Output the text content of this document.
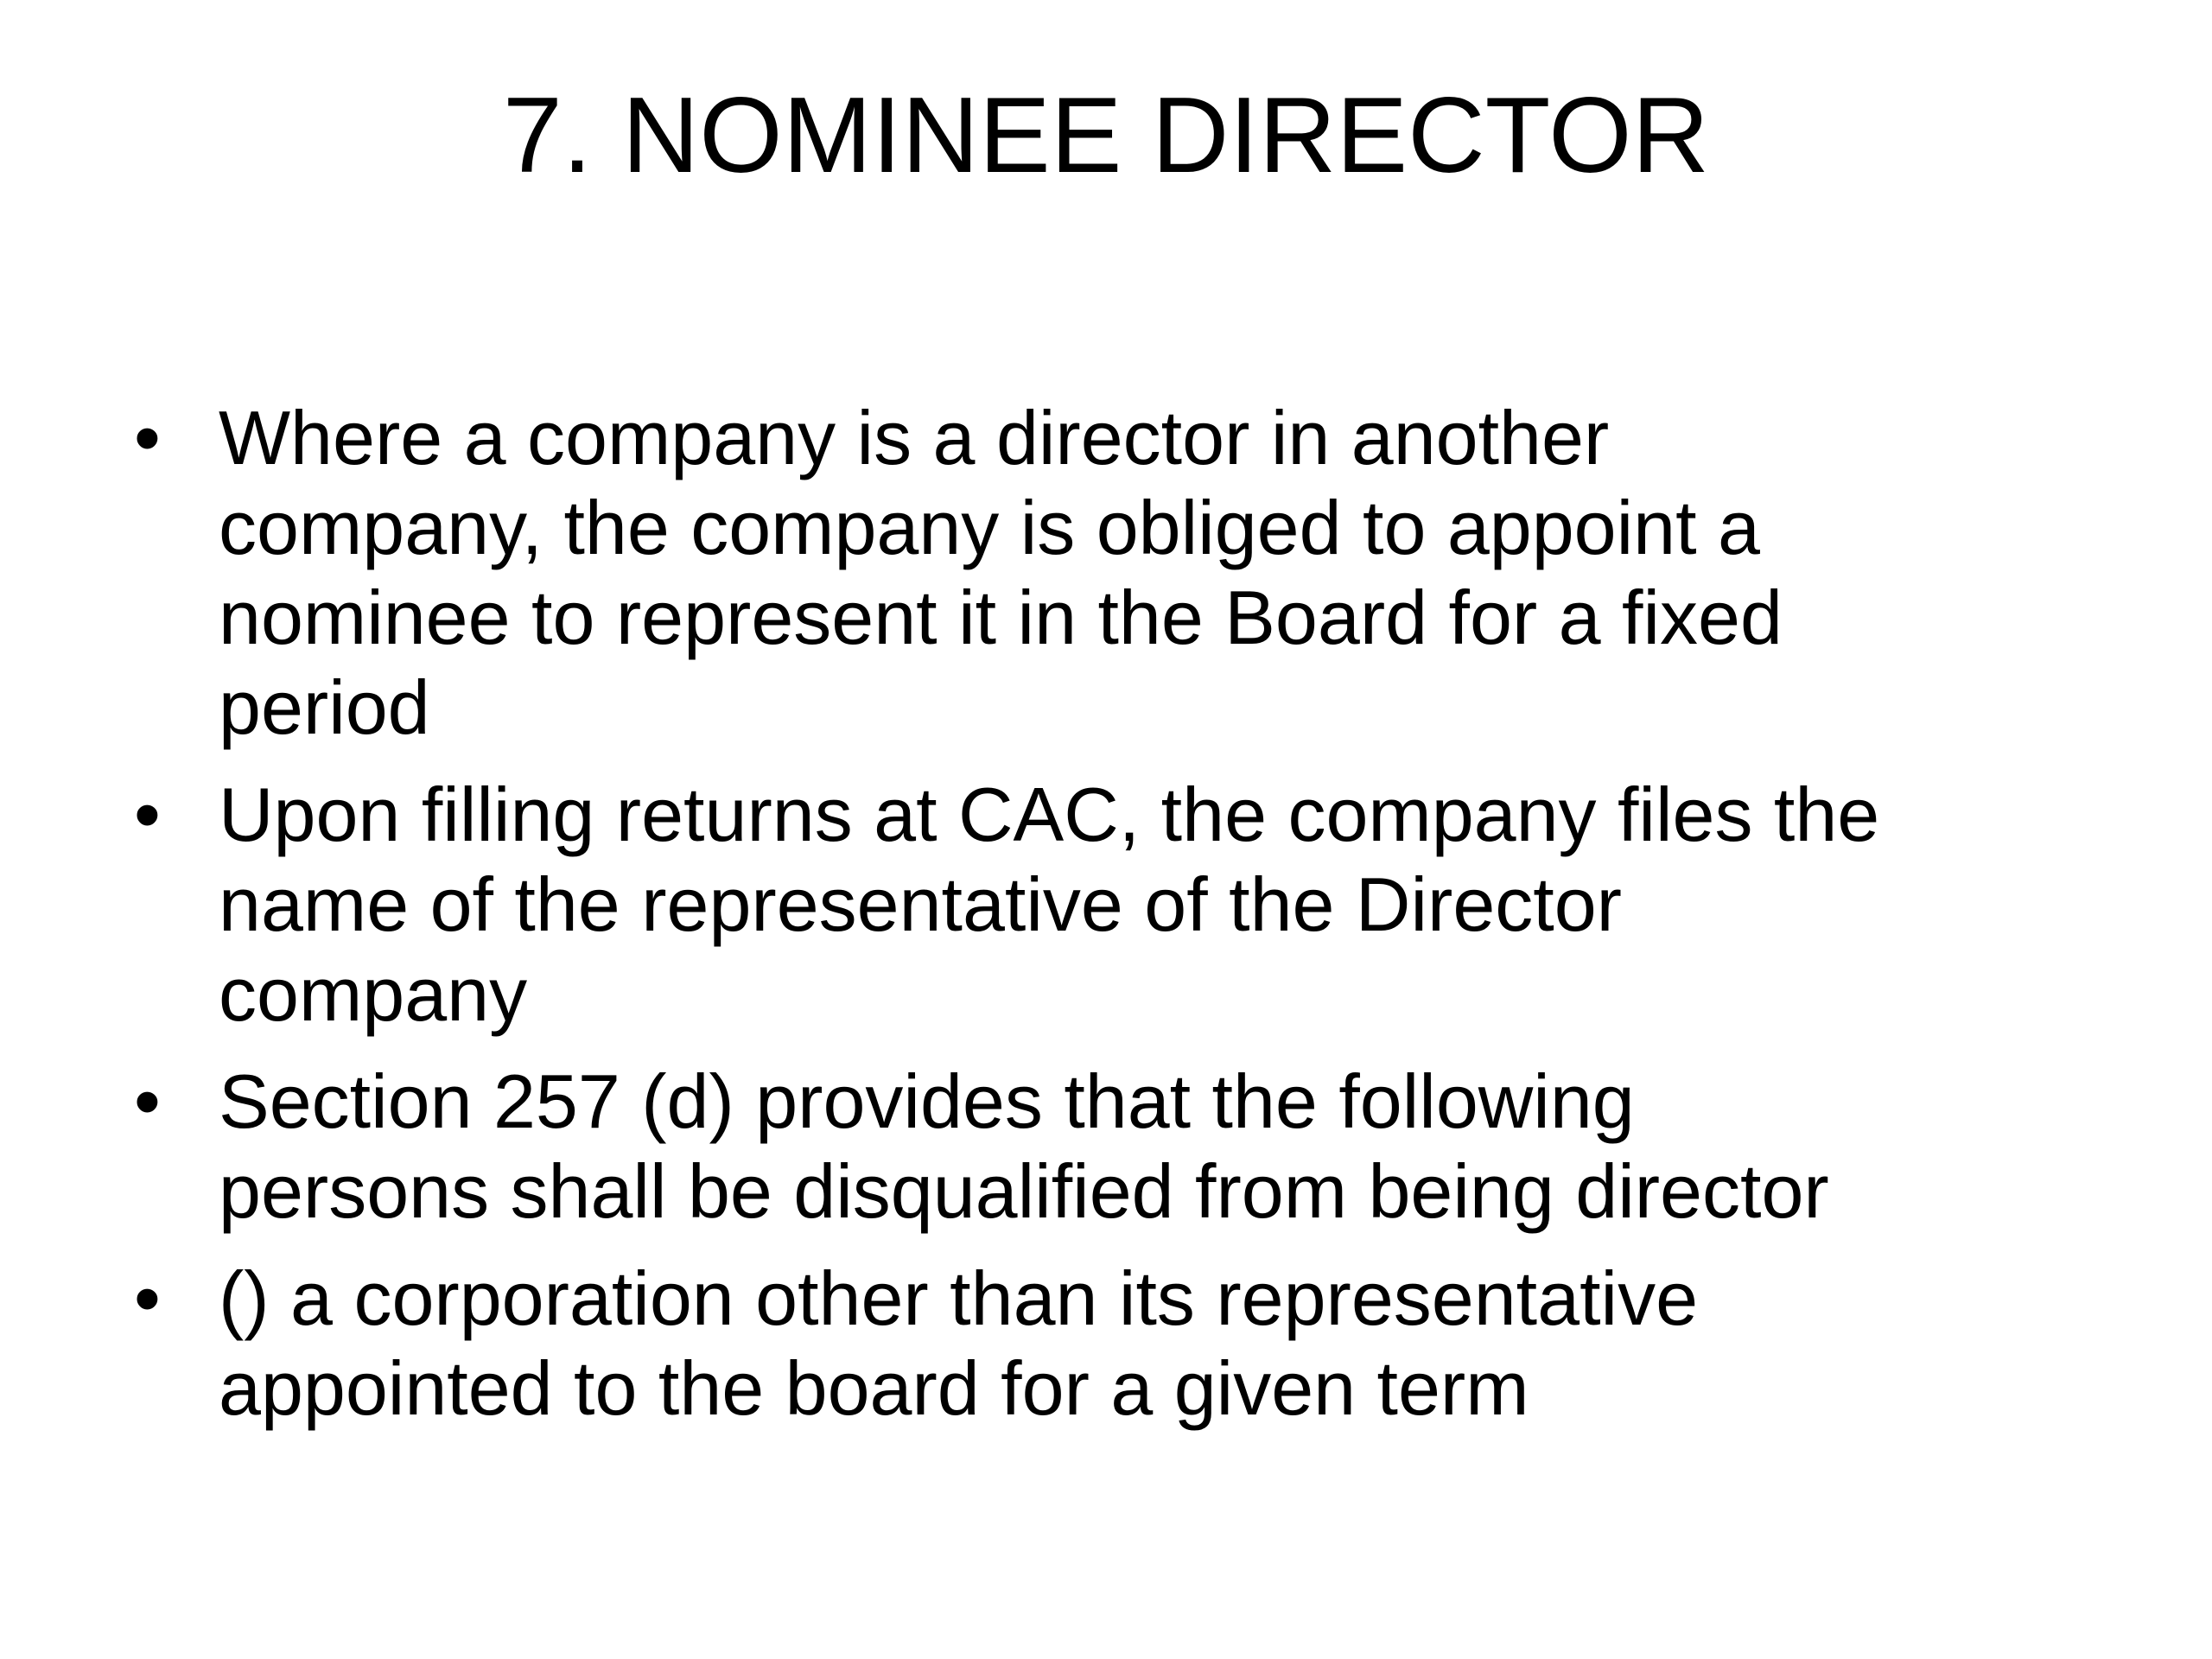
7. NOMINEE DIRECTOR
• Where a company is a director in another
company, the company is obliged to appoint a
nominee to represent it in the Board for a fixed
period
• Upon filling returns at CAC, the company files the
name of the representative of the Director
company
• Section 257 (d) provides that the following
persons shall be disqualified from being director
• () a corporation other than its representative
appointed to the board for a given term
